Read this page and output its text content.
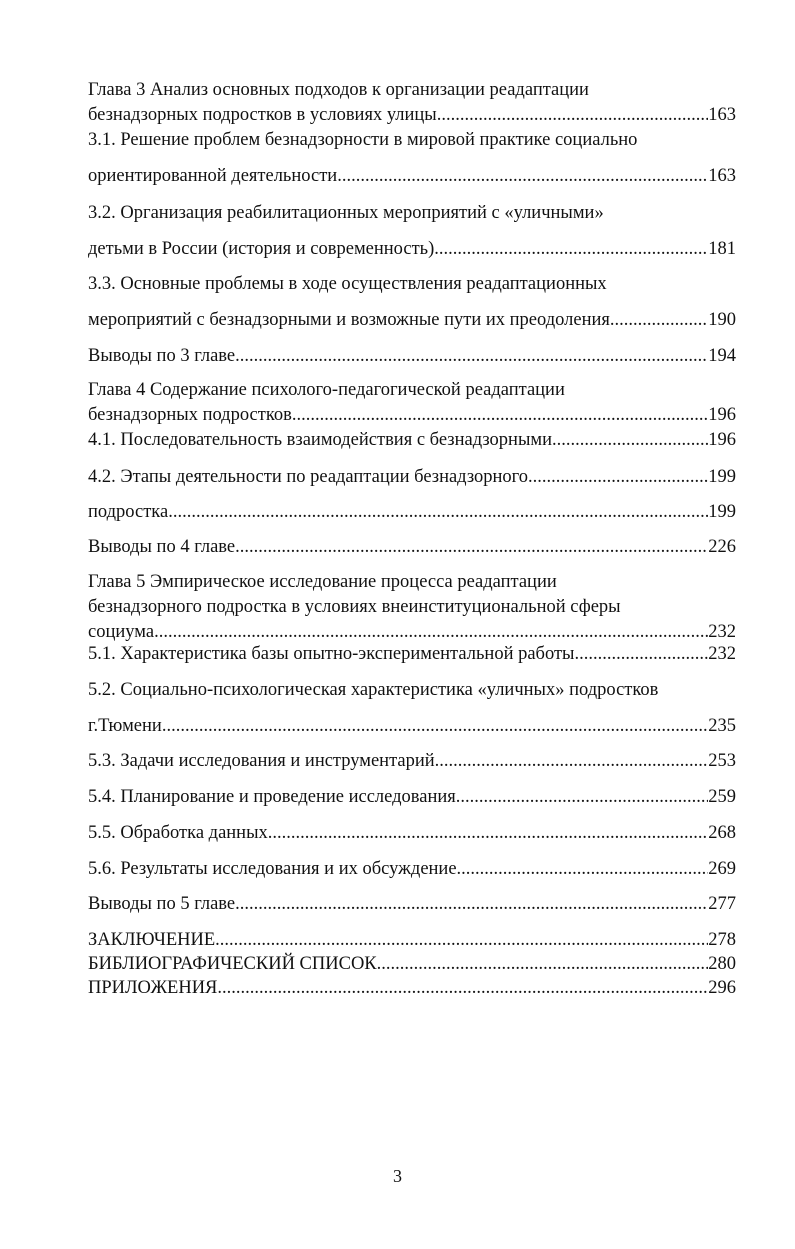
Глава 3 Анализ основных подходов к организации реадаптации
безнадзорных подростков в условиях улицы .....	163
3.1. Решение проблем безнадзорности в мировой практике социально
ориентированной деятельности .....	163
3.2. Организация реабилитационных мероприятий с «уличными»
детьми в России (история и современность) .....	181
3.3. Основные проблемы в ходе осуществления реадаптационных
мероприятий с безнадзорными и возможные пути их преодоления .....	190
Выводы по 3 главе .....	194
Глава 4 Содержание психолого-педагогической реадаптации
безнадзорных подростков .....	196
4.1. Последовательность взаимодействия с безнадзорными .....	196
4.2. Этапы деятельности по реадаптации безнадзорного .....	199
подростка .....	199
Выводы по 4 главе .....	226
Глава 5 Эмпирическое исследование процесса реадаптации
безнадзорного подростка в условиях внеинституциональной сферы
социума .....	232
5.1. Характеристика базы опытно-экспериментальной работы .....	232
5.2. Социально-психологическая характеристика «уличных» подростков
г.Тюмени .....	235
5.3. Задачи исследования и инструментарий .....	253
5.4. Планирование и проведение исследования .....	259
5.5. Обработка данных .....	268
5.6. Результаты исследования и их обсуждение .....	269
Выводы по 5 главе .....	277
ЗАКЛЮЧЕНИЕ .....	278
БИБЛИОГРАФИЧЕСКИЙ СПИСОК .....	280
ПРИЛОЖЕНИЯ .....	296
3
